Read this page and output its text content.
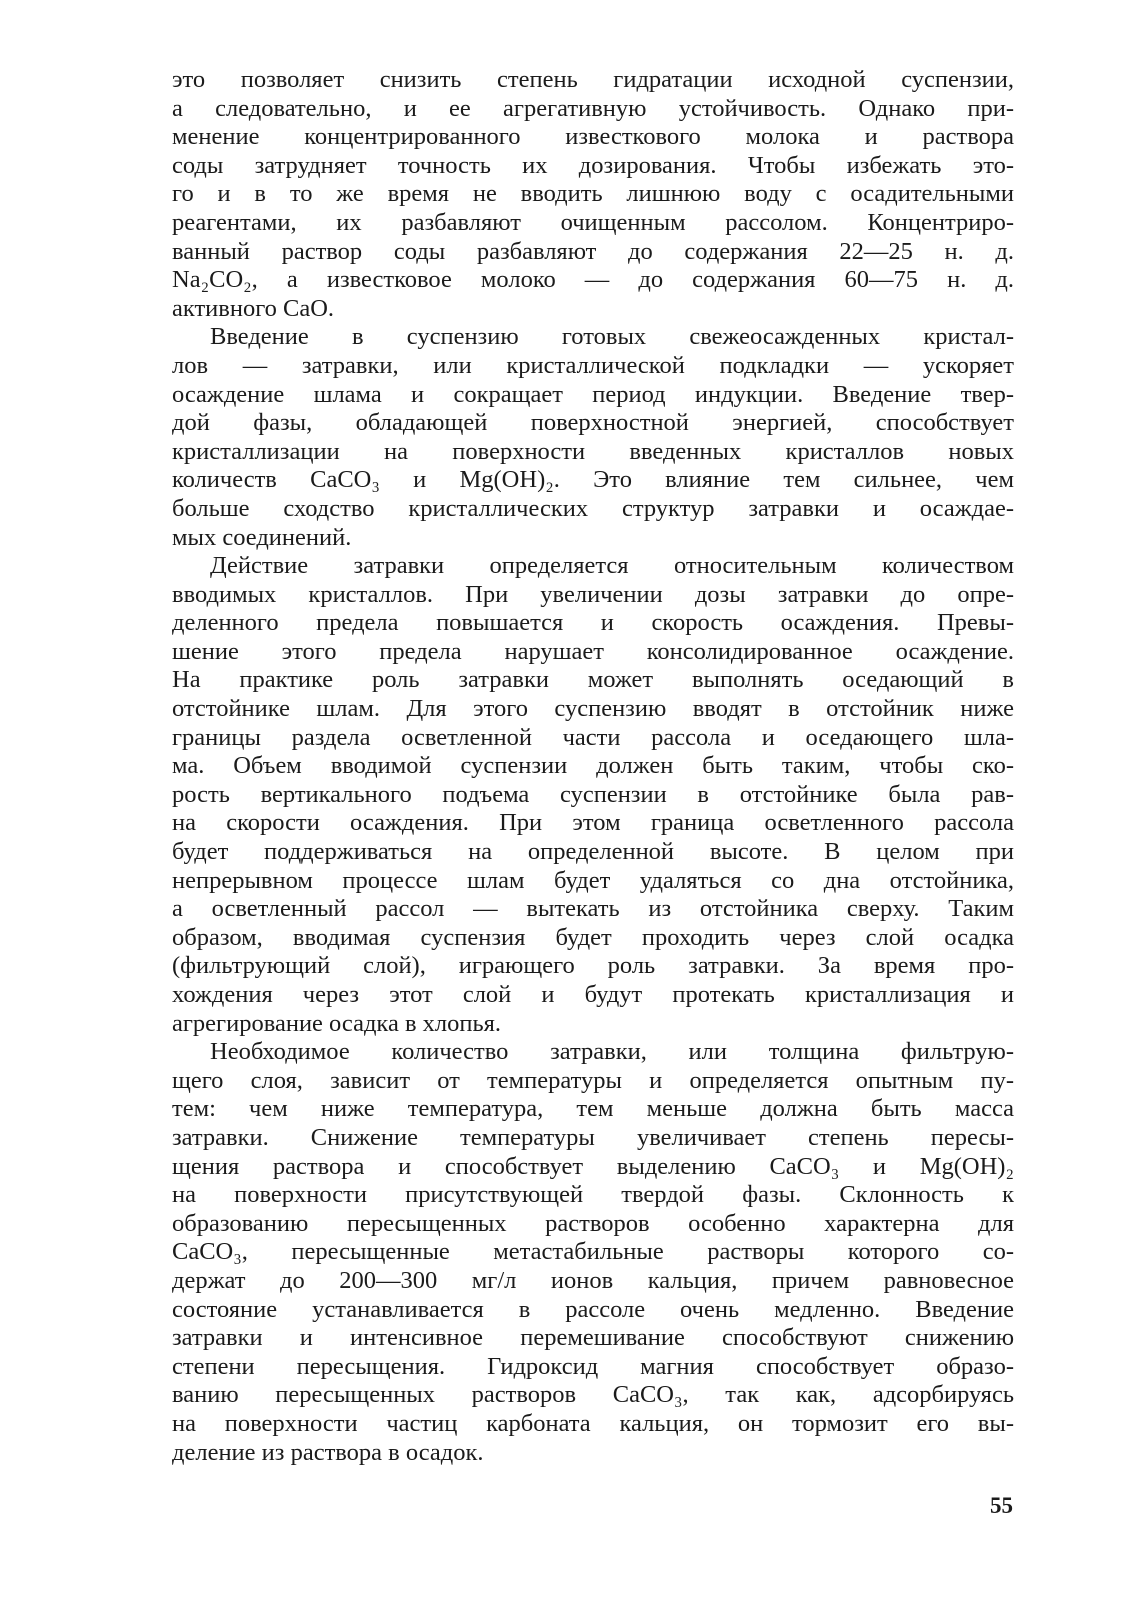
это позволяет снизить степень гидратации исходной суспензии,
а следовательно, и ее агрегативную устойчивость. Однако при-
менение концентрированного известкового молока и раствора
соды затрудняет точность их дозирования. Чтобы избежать это-
го и в то же время не вводить лишнюю воду с осадительными
реагентами, их разбавляют очищенным рассолом. Концентриро-
ванный раствор соды разбавляют до содержания 22—25 н. д.
Na₂CO₂, а известковое молоко — до содержания 60—75 н. д.
активного CaO.
Введение в суспензию готовых свежеосажденных кристал-
лов — затравки, или кристаллической подкладки — ускоряет
осаждение шлама и сокращает период индукции. Введение твер-
дой фазы, обладающей поверхностной энергией, способствует
кристаллизации на поверхности введенных кристаллов новых
количеств CaCO₃ и Mg(OH)₂. Это влияние тем сильнее, чем
больше сходство кристаллических структур затравки и осаждае-
мых соединений.
Действие затравки определяется относительным количеством
вводимых кристаллов. При увеличении дозы затравки до опре-
деленного предела повышается и скорость осаждения. Превы-
шение этого предела нарушает консолидированное осаждение.
На практике роль затравки может выполнять оседающий в
отстойнике шлам. Для этого суспензию вводят в отстойник ниже
границы раздела осветленной части рассола и оседающего шла-
ма. Объем вводимой суспензии должен быть таким, чтобы ско-
рость вертикального подъема суспензии в отстойнике была рав-
на скорости осаждения. При этом граница осветленного рассола
будет поддерживаться на определенной высоте. В целом при
непрерывном процессе шлам будет удаляться со дна отстойника,
а осветленный рассол — вытекать из отстойника сверху. Таким
образом, вводимая суспензия будет проходить через слой осадка
(фильтрующий слой), играющего роль затравки. За время про-
хождения через этот слой и будут протекать кристаллизация и
агрегирование осадка в хлопья.
Необходимое количество затравки, или толщина фильтрую-
щего слоя, зависит от температуры и определяется опытным пу-
тем: чем ниже температура, тем меньше должна быть масса
затравки. Снижение температуры увеличивает степень пересы-
щения раствора и способствует выделению CaCO₃ и Mg(OH)₂
на поверхности присутствующей твердой фазы. Склонность к
образованию пересыщенных растворов особенно характерна для
CaCO₃, пересыщенные метастабильные растворы которого со-
держат до 200—300 мг/л ионов кальция, причем равновесное
состояние устанавливается в рассоле очень медленно. Введение
затравки и интенсивное перемешивание способствуют снижению
степени пересыщения. Гидроксид магния способствует образо-
ванию пересыщенных растворов CaCO₃, так как, адсорбируясь
на поверхности частиц карбоната кальция, он тормозит его вы-
деление из раствора в осадок.
55
